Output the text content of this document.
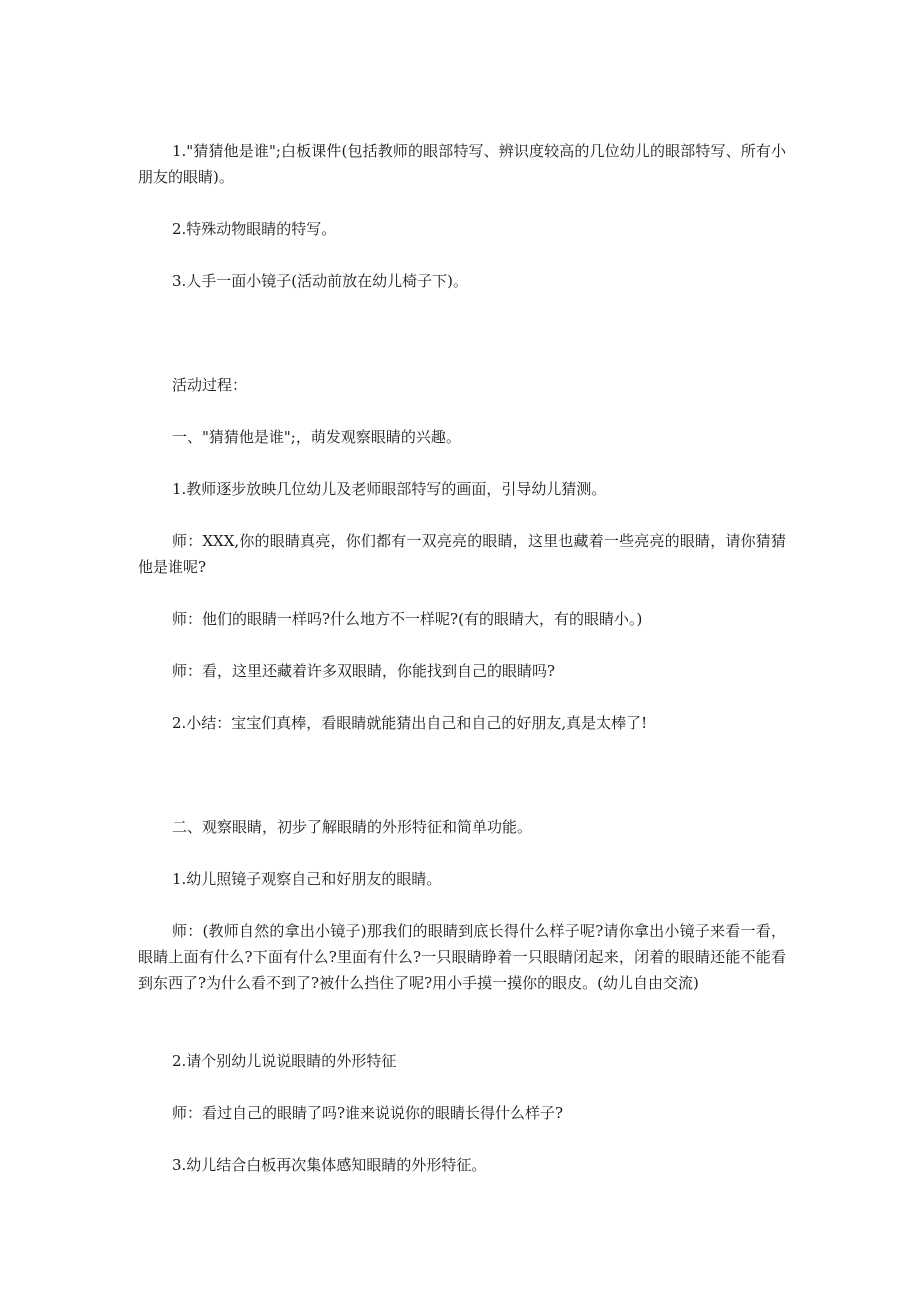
1."猜猜他是谁";白板课件(包括教师的眼部特写、辨识度较高的几位幼儿的眼部特写、所有小朋友的眼睛)。

2.特殊动物眼睛的特写。

3.人手一面小镜子(活动前放在幼儿椅子下)。

活动过程：

一、"猜猜他是谁";，萌发观察眼睛的兴趣。

1.教师逐步放映几位幼儿及老师眼部特写的画面，引导幼儿猜测。

师：XXX,你的眼睛真亮，你们都有一双亮亮的眼睛，这里也藏着一些亮亮的眼睛，请你猜猜他是谁呢?

师：他们的眼睛一样吗?什么地方不一样呢?(有的眼睛大，有的眼睛小。)

师：看，这里还藏着许多双眼睛，你能找到自己的眼睛吗?

2.小结：宝宝们真棒，看眼睛就能猜出自己和自己的好朋友,真是太棒了!

二、观察眼睛，初步了解眼睛的外形特征和简单功能。

1.幼儿照镜子观察自己和好朋友的眼睛。

师：(教师自然的拿出小镜子)那我们的眼睛到底长得什么样子呢?请你拿出小镜子来看一看，眼睛上面有什么?下面有什么?里面有什么?一只眼睛睁着一只眼睛闭起来，闭着的眼睛还能不能看到东西了?为什么看不到了?被什么挡住了呢?用小手摸一摸你的眼皮。(幼儿自由交流)

2.请个别幼儿说说眼睛的外形特征

师：看过自己的眼睛了吗?谁来说说你的眼睛长得什么样子?

3.幼儿结合白板再次集体感知眼睛的外形特征。
